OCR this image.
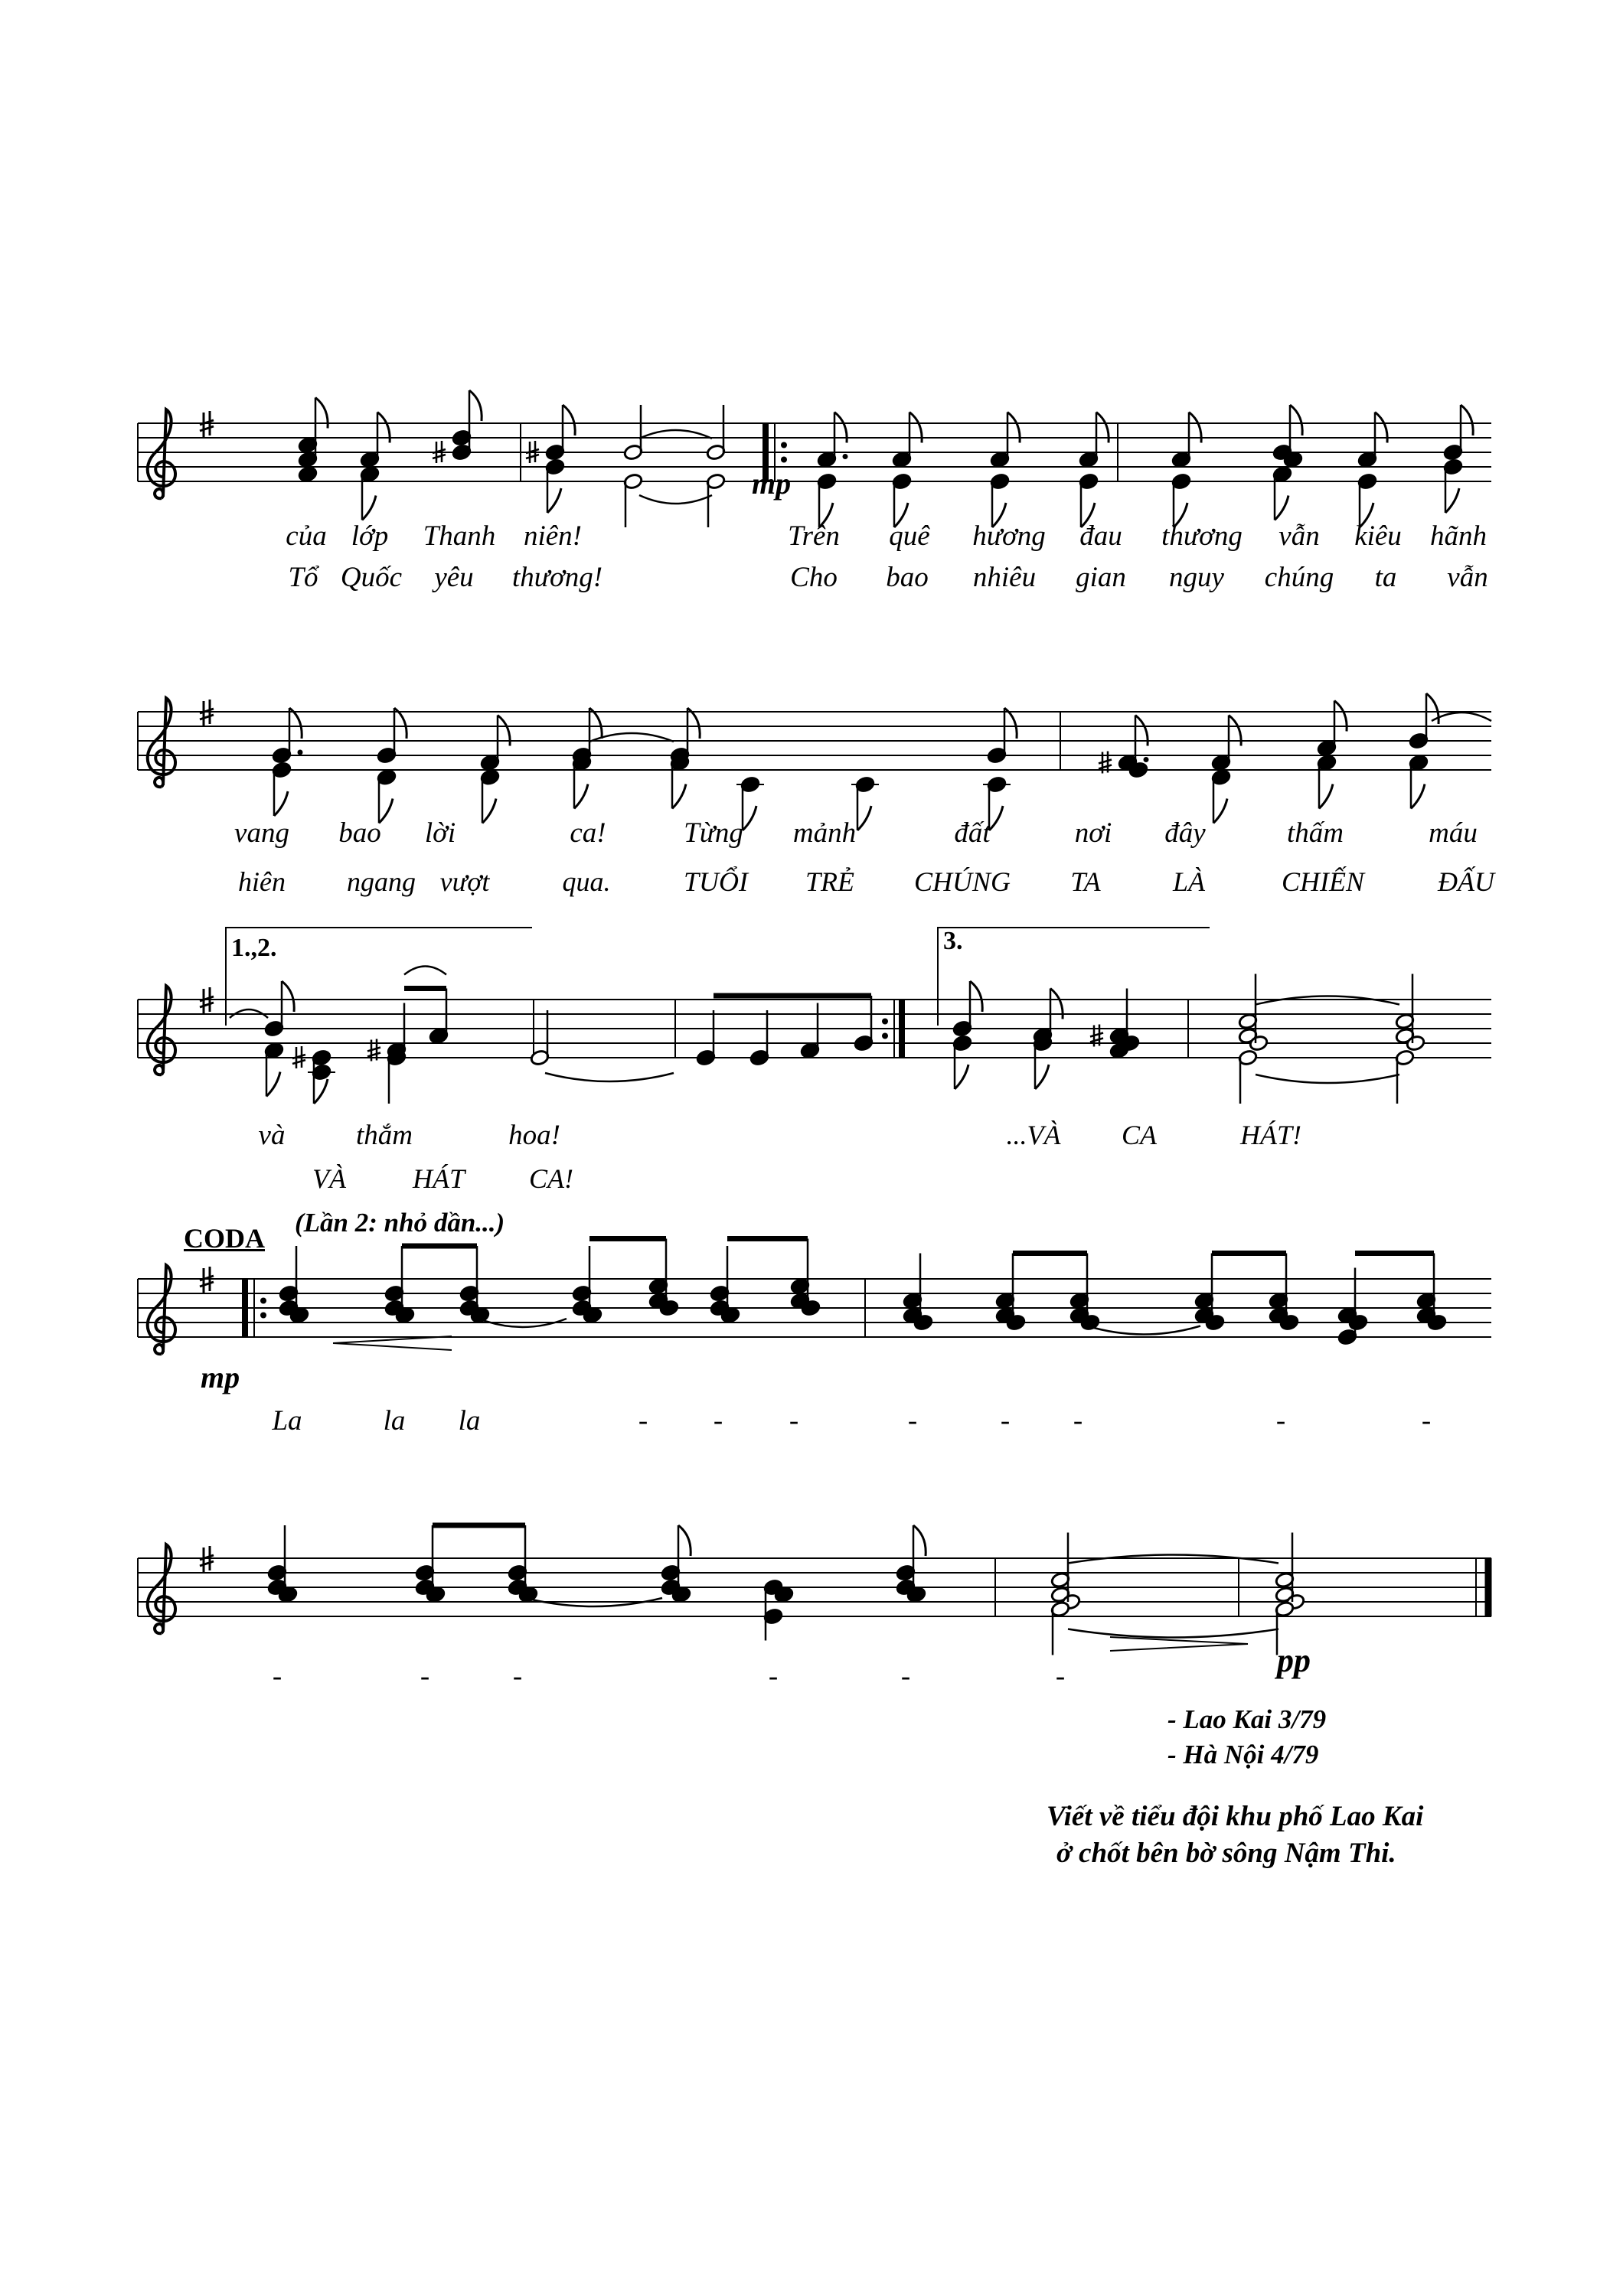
của lớp Thanh niên!	Trên quê hương đau thương vẫn kiêu hãnh
Tổ Quốc yêu thương!	Cho bao nhiêu gian nguy chúng ta vẫn
mp
vang bao lời	ca!	Từng mảnh	đất	nơi đây	thấm	máu
hiên ngang vượt	qua.	TUỔI TRẺ CHÚNG TA	LÀ	CHIẾN	ĐẤU
1.,2.	3.
và	thắm	hoa!	...VÀ CA	HÁT!
VÀ HÁT CA!
CODA
(Lần 2: nhỏ dần...)
mp
La	la la	- - -	-	- -	-	-
-	-	-	-	-	-	pp
- Lao Kai 3/79
- Hà Nội 4/79
Viết về tiểu đội khu phố Lao Kai
ở chốt bên bờ sông Nậm Thi.
